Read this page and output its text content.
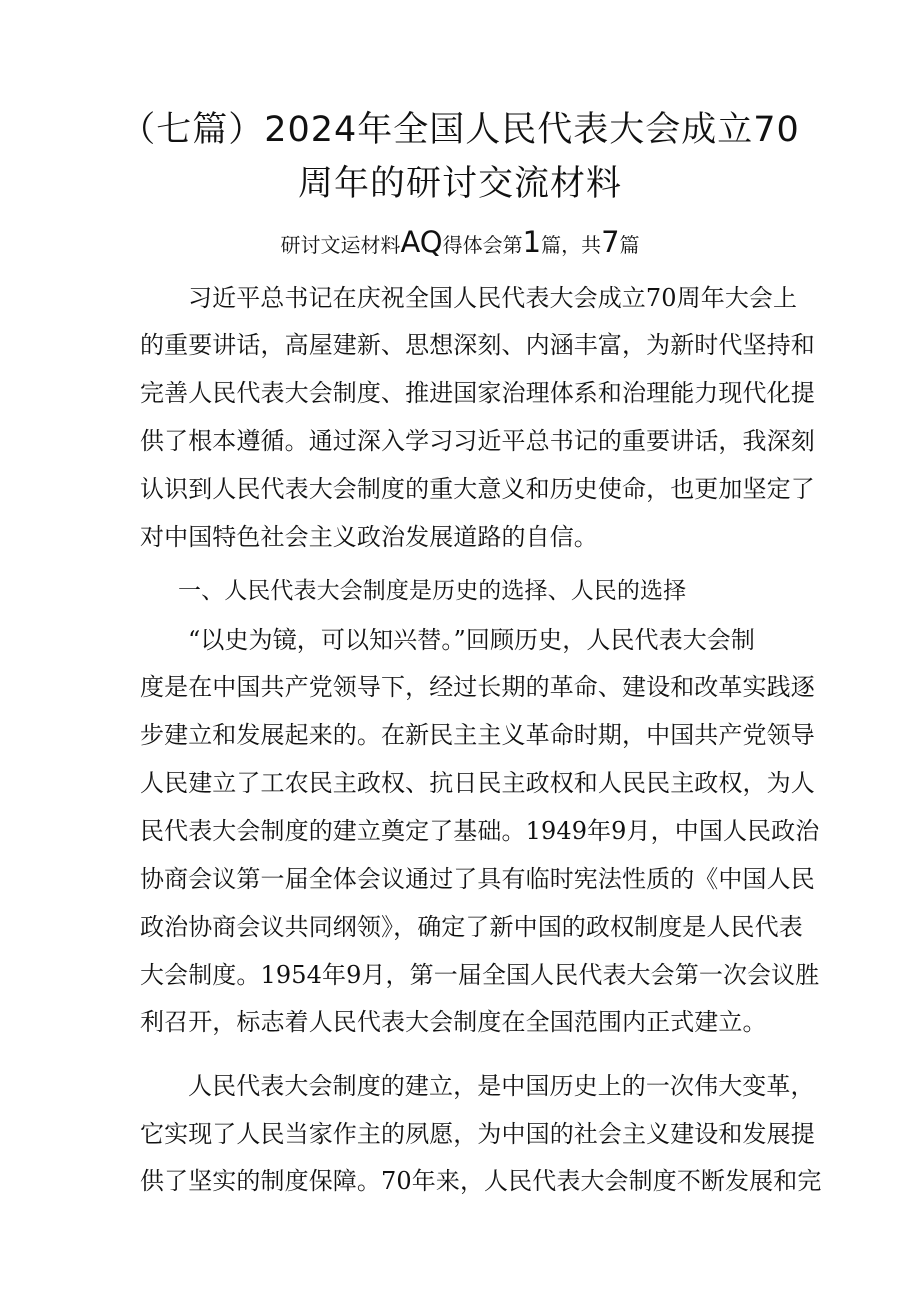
（七篇）2024年全国人民代表大会成立70
周年的研讨交流材料

研讨文运材料AQ得体会第1篇，共7篇

习近平总书记在庆祝全国人民代表大会成立70周年大会上

的重要讲话，高屋建新、思想深刻、内涵丰富，为新时代坚持和

完善人民代表大会制度、推进国家治理体系和治理能力现代化提

供了根本遵循。通过深入学习习近平总书记的重要讲话，我深刻

认识到人民代表大会制度的重大意义和历史使命，也更加坚定了

对中国特色社会主义政治发展道路的自信。

一、人民代表大会制度是历史的选择、人民的选择

“以史为镜，可以知兴替。”回顾历史，人民代表大会制

度是在中国共产党领导下，经过长期的革命、建设和改革实践逐

步建立和发展起来的。在新民主主义革命时期，中国共产党领导

人民建立了工农民主政权、抗日民主政权和人民民主政权，为人

民代表大会制度的建立奠定了基础。1949年9月，中国人民政治

协商会议第一届全体会议通过了具有临时宪法性质的《中国人民

政治协商会议共同纲领》，确定了新中国的政权制度是人民代表

大会制度。1954年9月，第一届全国人民代表大会第一次会议胜

利召开，标志着人民代表大会制度在全国范围内正式建立。

人民代表大会制度的建立，是中国历史上的一次伟大变革，

它实现了人民当家作主的夙愿，为中国的社会主义建设和发展提

供了坚实的制度保障。70年来，人民代表大会制度不断发展和完
